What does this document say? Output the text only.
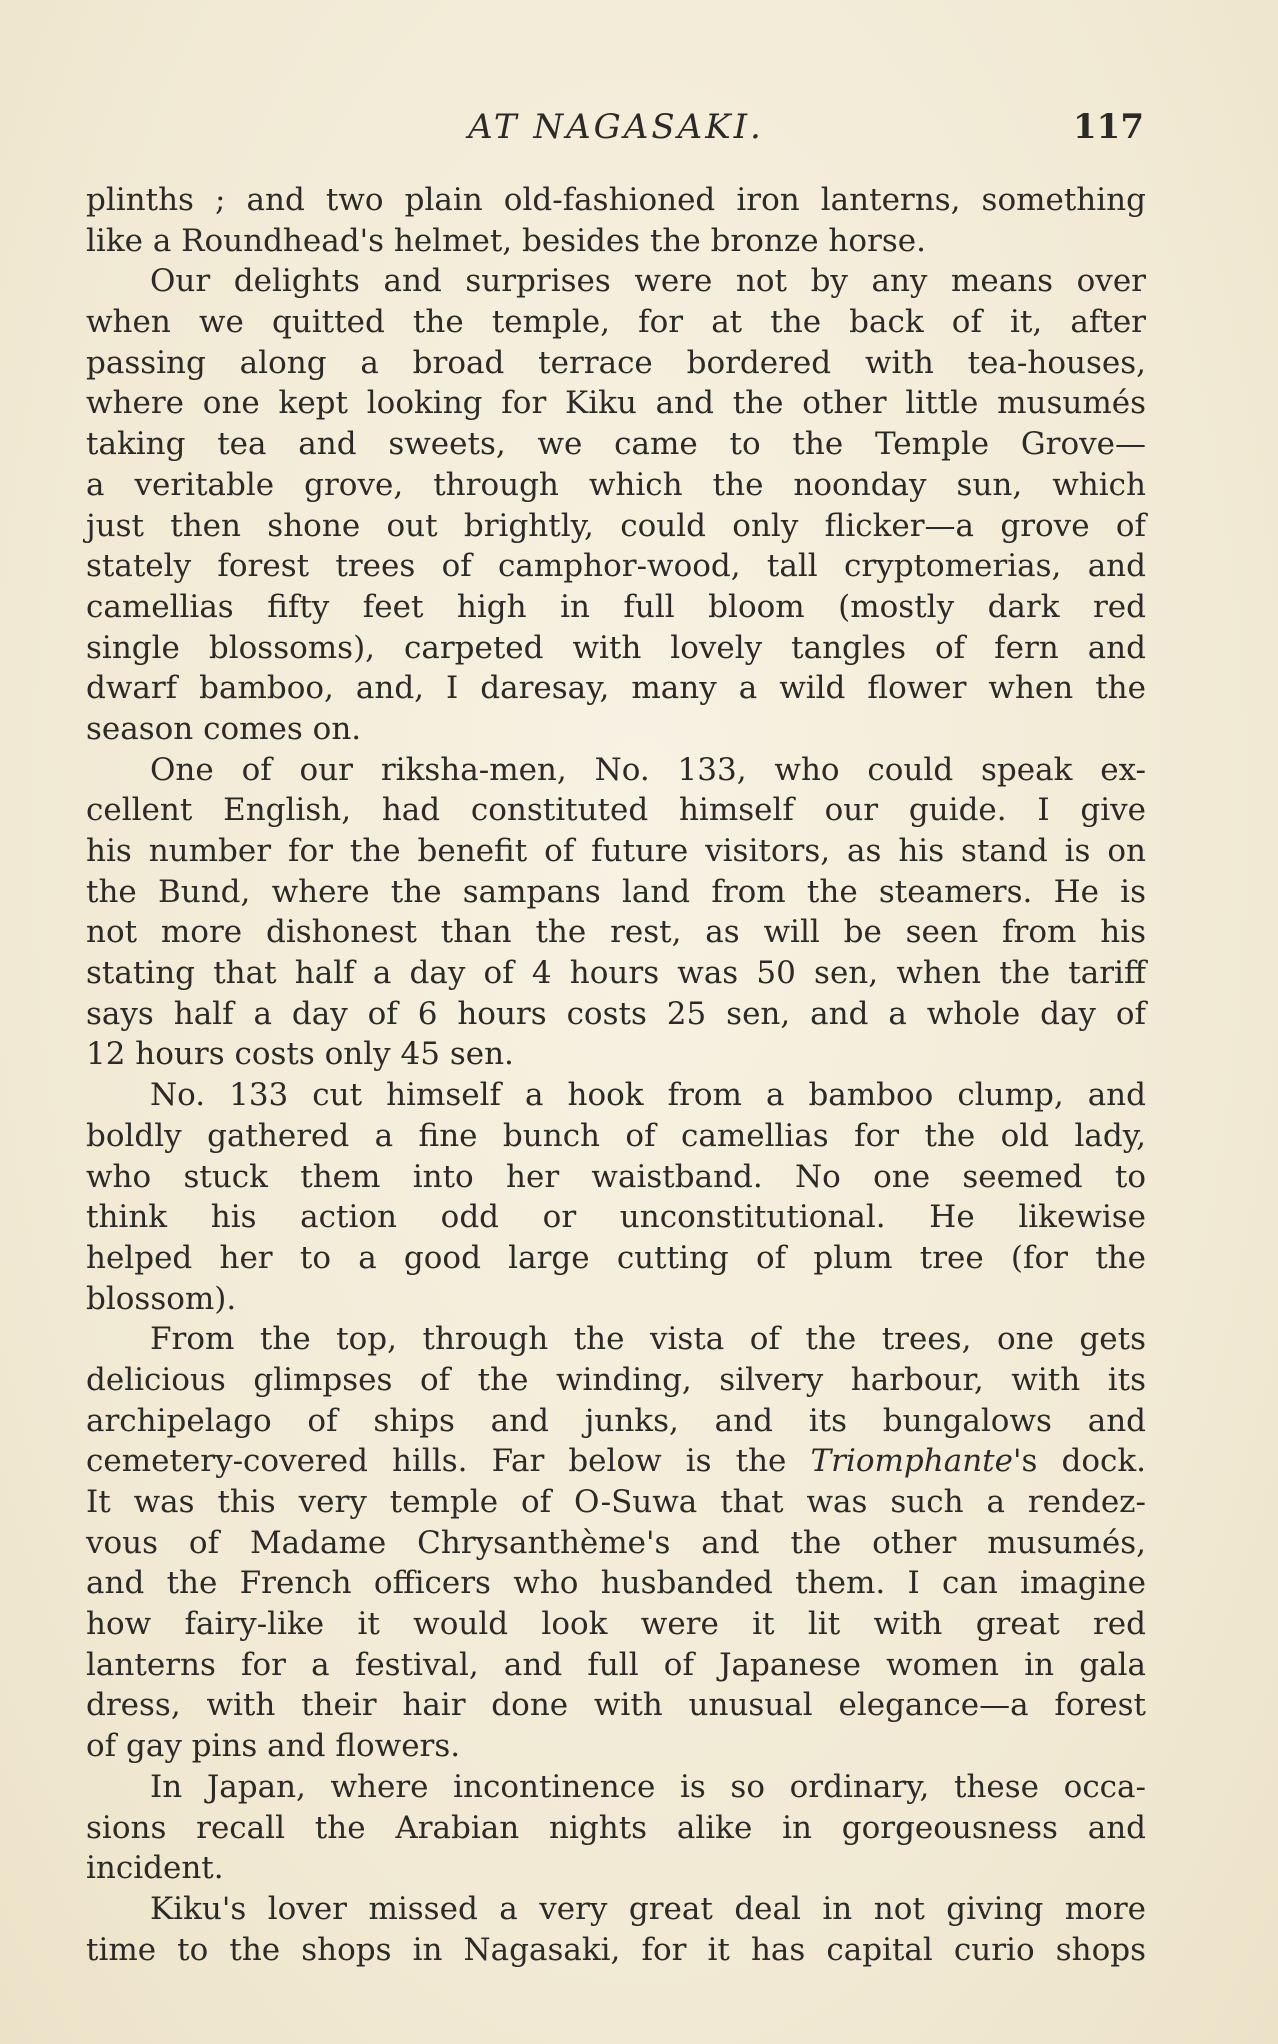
AT NAGASAKI.	117
plinths ; and two plain old-fashioned iron lanterns, something
like a Roundhead's helmet, besides the bronze horse.
Our delights and surprises were not by any means over
when we quitted the temple, for at the back of it, after
passing along a broad terrace bordered with tea-houses,
where one kept looking for Kiku and the other little musumés
taking tea and sweets, we came to the Temple Grove—
a veritable grove, through which the noonday sun, which
just then shone out brightly, could only flicker—a grove of
stately forest trees of camphor-wood, tall cryptomerias, and
camellias fifty feet high in full bloom (mostly dark red
single blossoms), carpeted with lovely tangles of fern and
dwarf bamboo, and, I daresay, many a wild flower when the
season comes on.
One of our riksha-men, No. 133, who could speak ex-
cellent English, had constituted himself our guide. I give
his number for the benefit of future visitors, as his stand is on
the Bund, where the sampans land from the steamers. He is
not more dishonest than the rest, as will be seen from his
stating that half a day of 4 hours was 50 sen, when the tariff
says half a day of 6 hours costs 25 sen, and a whole day of
12 hours costs only 45 sen.
No. 133 cut himself a hook from a bamboo clump, and
boldly gathered a fine bunch of camellias for the old lady,
who stuck them into her waistband. No one seemed to
think his action odd or unconstitutional. He likewise
helped her to a good large cutting of plum tree (for the
blossom).
From the top, through the vista of the trees, one gets
delicious glimpses of the winding, silvery harbour, with its
archipelago of ships and junks, and its bungalows and
cemetery-covered hills. Far below is the Triomphante's dock.
It was this very temple of O-Suwa that was such a rendez-
vous of Madame Chrysanthème's and the other musumés,
and the French officers who husbanded them. I can imagine
how fairy-like it would look were it lit with great red
lanterns for a festival, and full of Japanese women in gala
dress, with their hair done with unusual elegance—a forest
of gay pins and flowers.
In Japan, where incontinence is so ordinary, these occa-
sions recall the Arabian nights alike in gorgeousness and
incident.
Kiku's lover missed a very great deal in not giving more
time to the shops in Nagasaki, for it has capital curio shops
